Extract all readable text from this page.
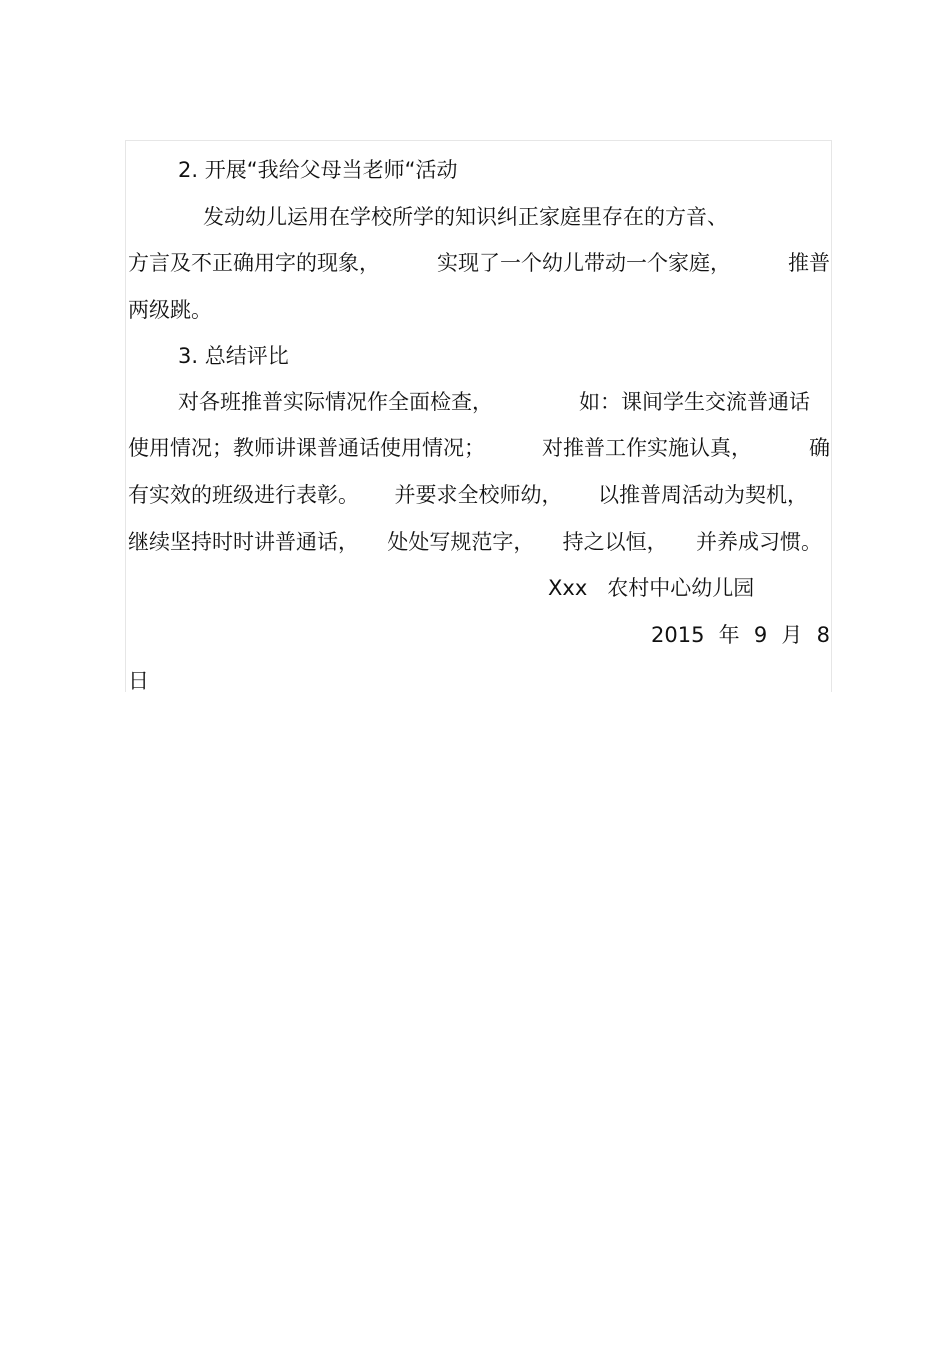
2. 开展“我给父母当老师“活动
发动幼儿运用在学校所学的知识纠正家庭里存在的方音、
方言及不正确用字的现象，	实现了一个幼儿带动一个家庭，	推普
两级跳。
3. 总结评比
对各班推普实际情况作全面检查，	如：课间学生交流普通话
使用情况；教师讲课普通话使用情况；	对推普工作实施认真，	确
有实效的班级进行表彰。 并要求全校师幼， 以推普周活动为契机，
继续坚持时时讲普通话， 处处写规范字， 持之以恒， 并养成习惯。
Xxx   农村中心幼儿园
2015 年 9 月 8
日
